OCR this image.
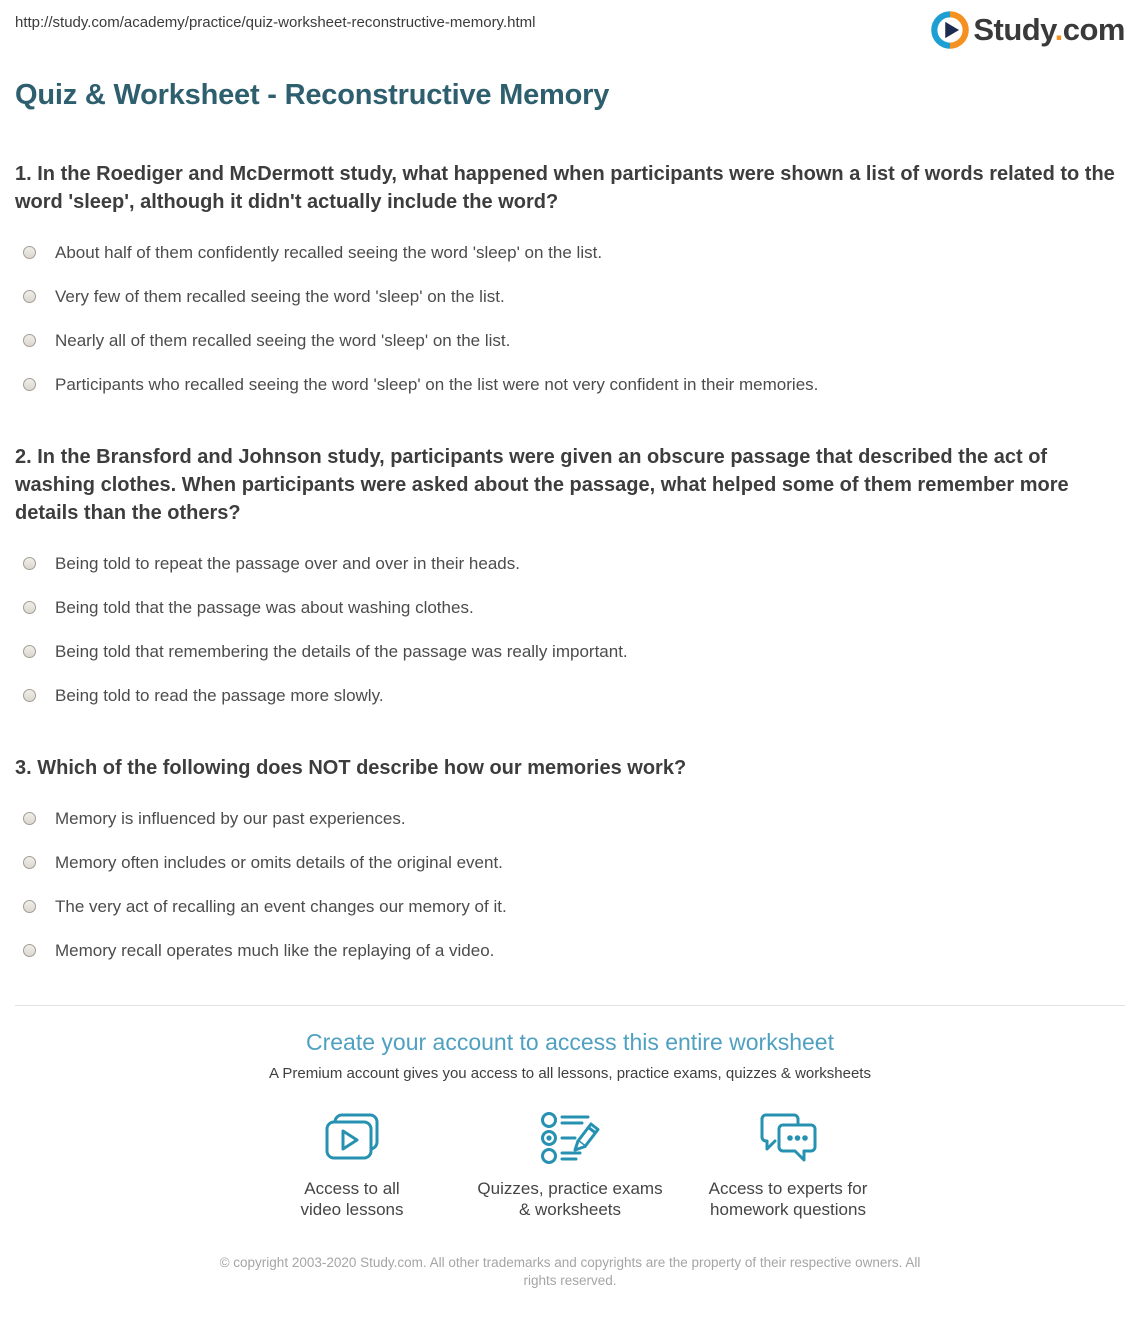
http://study.com/academy/practice/quiz-worksheet-reconstructive-memory.html	Study.com
Quiz & Worksheet - Reconstructive Memory
1. In the Roediger and McDermott study, what happened when participants were shown a list of words related to the word 'sleep', although it didn't actually include the word?
About half of them confidently recalled seeing the word 'sleep' on the list.
Very few of them recalled seeing the word 'sleep' on the list.
Nearly all of them recalled seeing the word 'sleep' on the list.
Participants who recalled seeing the word 'sleep' on the list were not very confident in their memories.
2. In the Bransford and Johnson study, participants were given an obscure passage that described the act of washing clothes. When participants were asked about the passage, what helped some of them remember more details than the others?
Being told to repeat the passage over and over in their heads.
Being told that the passage was about washing clothes.
Being told that remembering the details of the passage was really important.
Being told to read the passage more slowly.
3. Which of the following does NOT describe how our memories work?
Memory is influenced by our past experiences.
Memory often includes or omits details of the original event.
The very act of recalling an event changes our memory of it.
Memory recall operates much like the replaying of a video.
Create your account to access this entire worksheet
A Premium account gives you access to all lessons, practice exams, quizzes & worksheets
Access to all
video lessons
Quizzes, practice exams
& worksheets
Access to experts for
homework questions
© copyright 2003-2020 Study.com. All other trademarks and copyrights are the property of their respective owners. All rights reserved.
